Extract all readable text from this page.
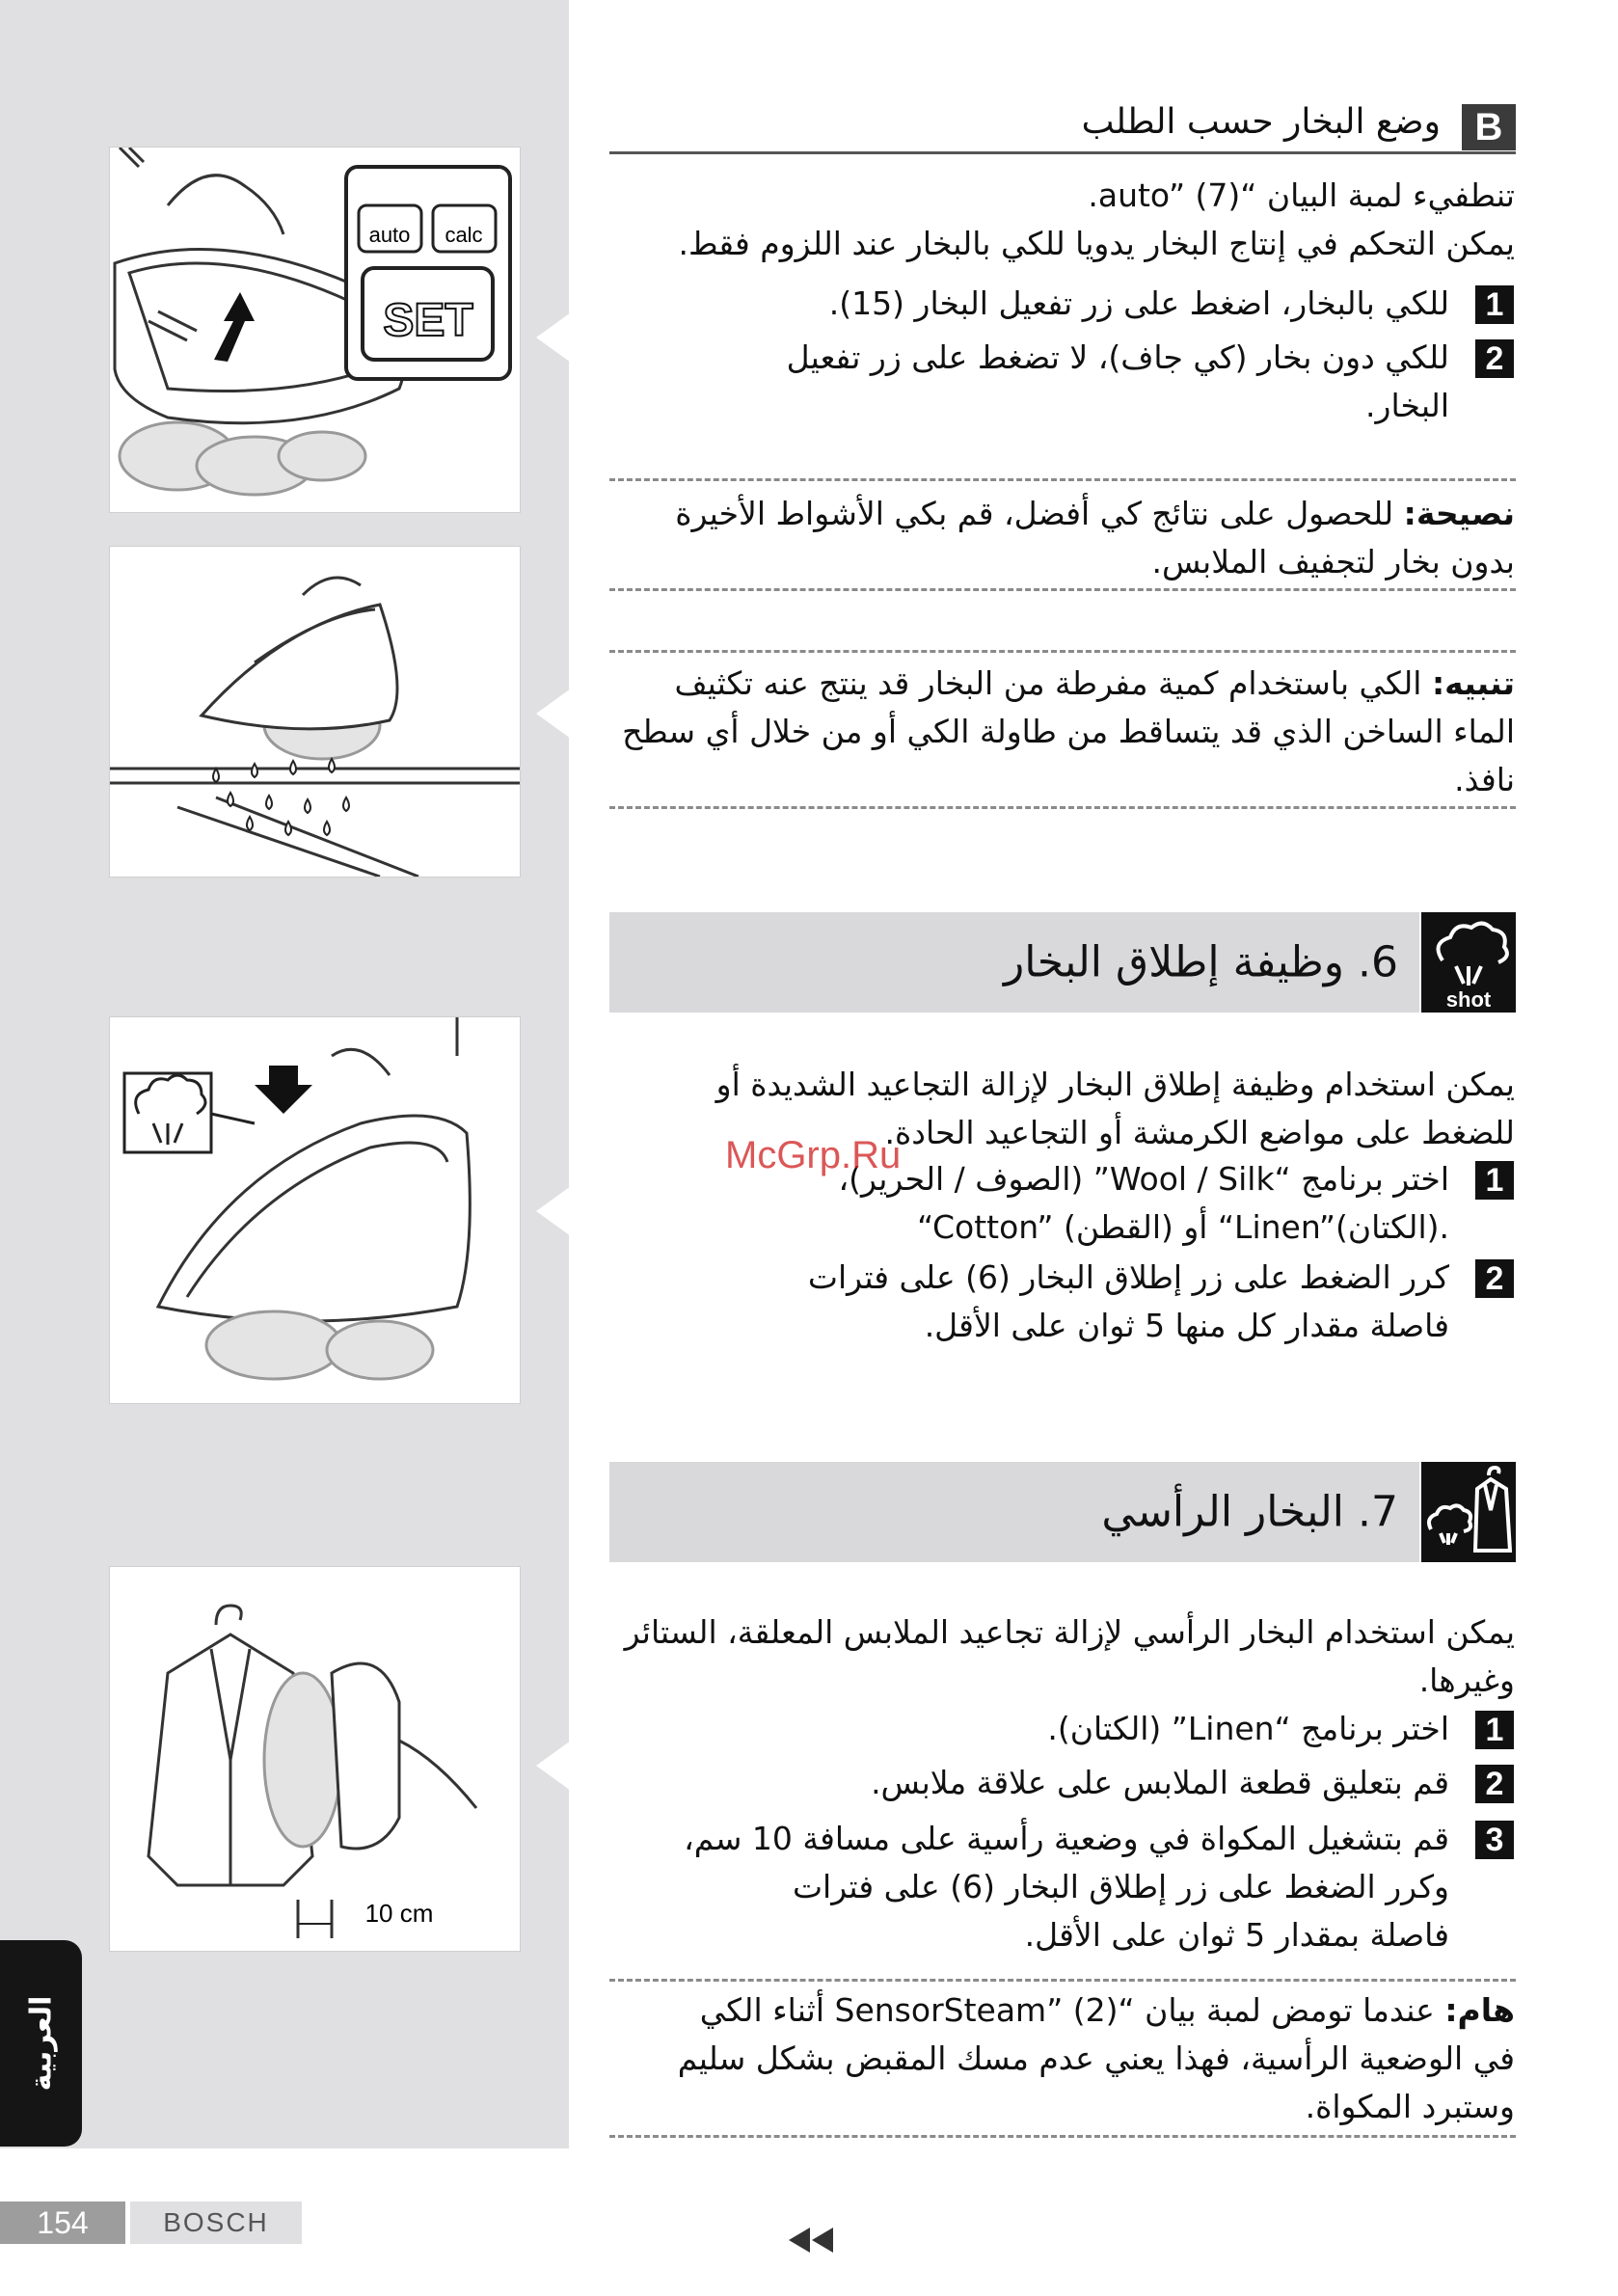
العربية
auto calc
SET
10 cm
B
وضع البخار حسب الطلب
تنطفيء لمبة البيان “auto” (7).
يمكن التحكم في إنتاج البخار يدويا للكي بالبخار عند اللزوم فقط.
1
للكي بالبخار، اضغط على زر تفعيل البخار (15).
2
للكي دون بخار (كي جاف)، لا تضغط على زر تفعيل
البخار.
نصيحة: للحصول على نتائج كي أفضل، قم بكي الأشواط الأخيرة
بدون بخار لتجفيف الملابس.
تنبيه: الكي باستخدام كمية مفرطة من البخار قد ينتج عنه تكثيف
الماء الساخن الذي قد يتساقط من طاولة الكي أو من خلال أي سطح
نافذ.
6. وظيفة إطلاق البخار
shot
يمكن استخدام وظيفة إطلاق البخار لإزالة التجاعيد الشديدة أو
للضغط على مواضع الكرمشة أو التجاعيد الحادة.
1
اختر برنامج “Wool / Silk” (الصوف / الحرير)،
“Cotton” (القطن) أو “Linen”(الكتان).
2
كرر الضغط على زر إطلاق البخار (6) على فترات
فاصلة مقدار كل منها 5 ثوان على الأقل.
McGrp.Ru
7. البخار الرأسي
يمكن استخدام البخار الرأسي لإزالة تجاعيد الملابس المعلقة، الستائر
وغيرها.
1
اختر برنامج “Linen” (الكتان).
2
قم بتعليق قطعة الملابس على علاقة ملابس.
3
قم بتشغيل المكواة في وضعية رأسية على مسافة 10 سم،
وكرر الضغط على زر إطلاق البخار (6) على فترات
فاصلة بمقدار 5 ثوان على الأقل.
هام: عندما تومض لمبة بيان “SensorSteam” (2) أثناء الكي
في الوضعية الرأسية، فهذا يعني عدم مسك المقبض بشكل سليم
وستبرد المكواة.
154	BOSCH
